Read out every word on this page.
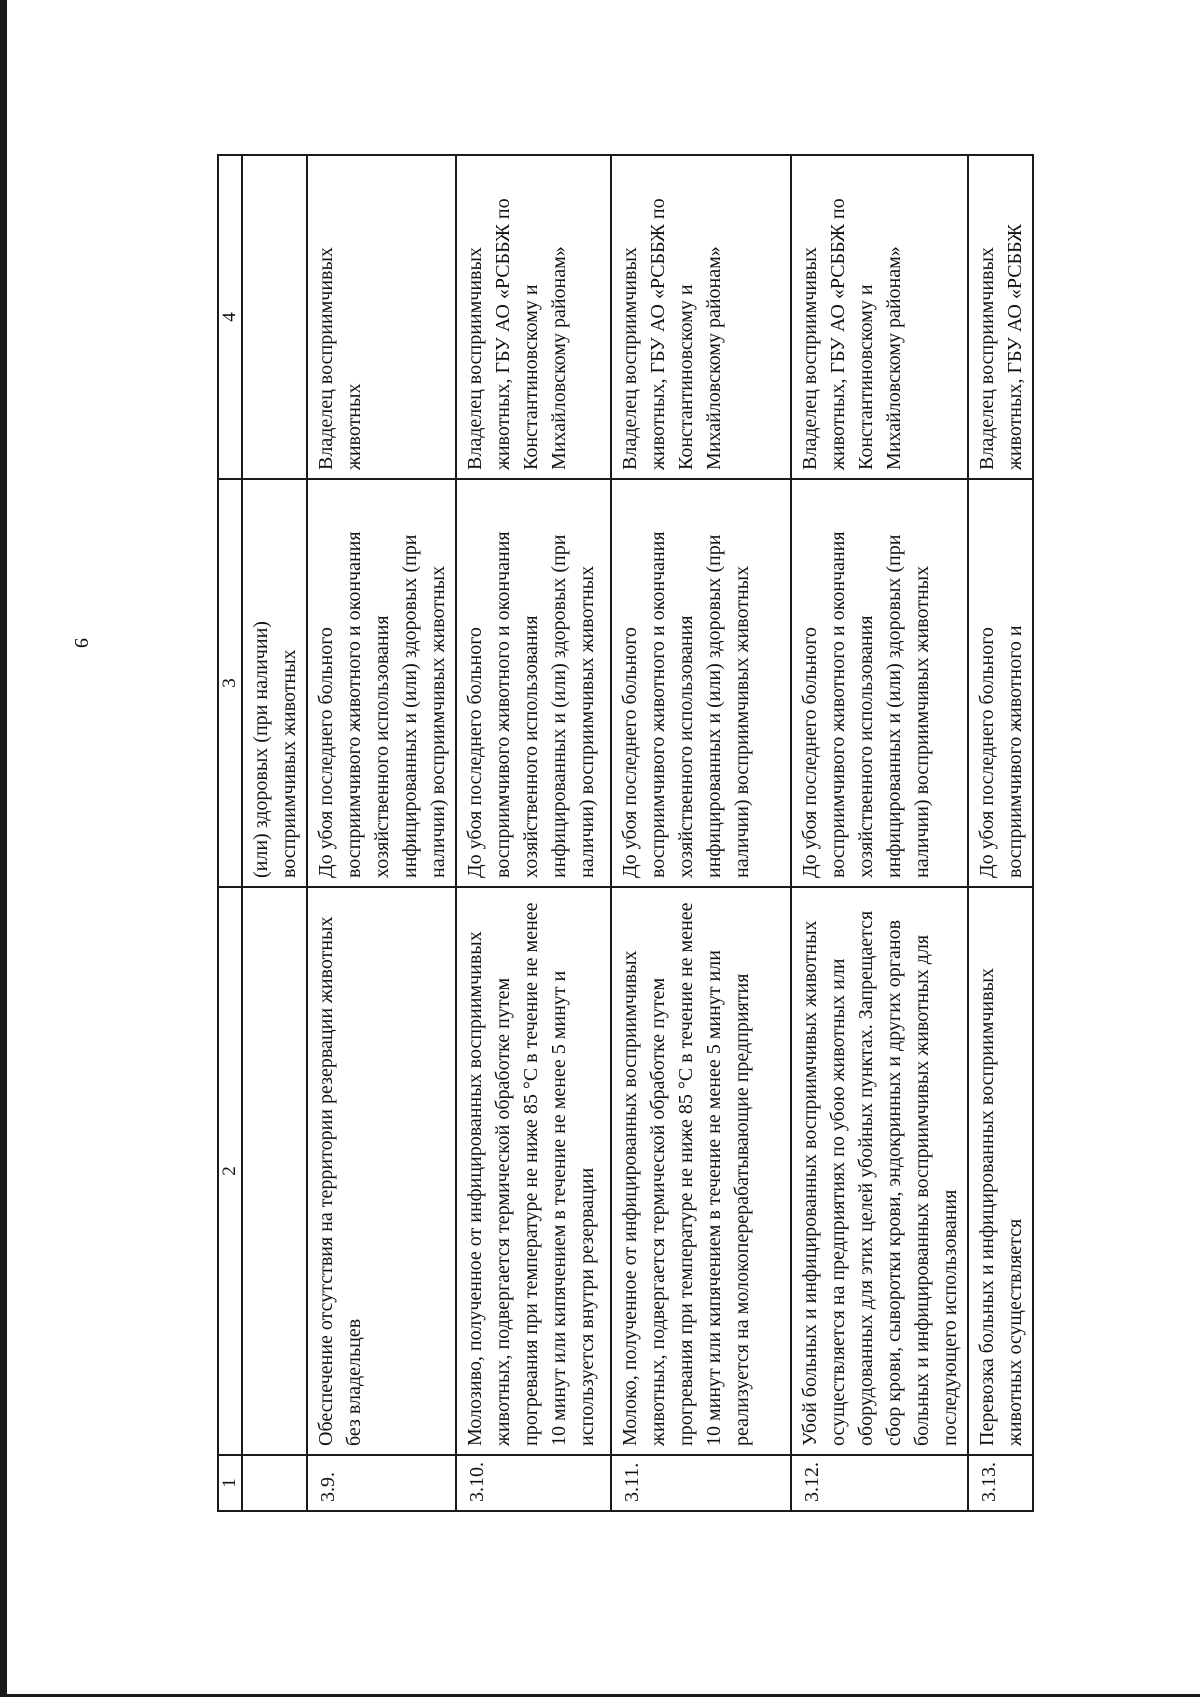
9
1	2	3	4
		(или) здоровых (при наличии) восприимчивых животных	
3.9.	Обеспечение отсутствия на территории резервации животных без владельцев	До убоя последнего больного восприимчивого животного и окончания хозяйственного использования инфицированных и (или) здоровых (при наличии) восприимчивых животных	Владелец восприимчивых животных
3.10.	Молозиво, полученное от инфицированных восприимчивых животных, подвергается термической обработке путем прогревания при температуре не ниже 85 °С в течение не менее 10 минут или кипячением в течение не менее 5 минут и используется внутри резервации	До убоя последнего больного восприимчивого животного и окончания хозяйственного использования инфицированных и (или) здоровых (при наличии) восприимчивых животных	Владелец восприимчивых животных, ГБУ АО «РСББЖ по Константиновскому и Михайловскому районам»
3.11.	Молоко, полученное от инфицированных восприимчивых животных, подвергается термической обработке путем прогревания при температуре не ниже 85 °С в течение не менее 10 минут или кипячением в течение не менее 5 минут или реализуется на молокоперерабатывающие предприятия	До убоя последнего больного восприимчивого животного и окончания хозяйственного использования инфицированных и (или) здоровых (при наличии) восприимчивых животных	Владелец восприимчивых животных, ГБУ АО «РСББЖ по Константиновскому и Михайловскому районам»
3.12.	Убой больных и инфицированных восприимчивых животных осуществляется на предприятиях по убою животных или оборудованных для этих целей убойных пунктах. Запрещается сбор крови, сыворотки крови, эндокринных и других органов больных и инфицированных восприимчивых животных для последующего использования	До убоя последнего больного восприимчивого животного и окончания хозяйственного использования инфицированных и (или) здоровых (при наличии) восприимчивых животных	Владелец восприимчивых животных, ГБУ АО «РСББЖ по Константиновскому и Михайловскому районам»
3.13.	Перевозка больных и инфицированных восприимчивых животных осуществляется	До убоя последнего больного восприимчивого животного и	Владелец восприимчивых животных, ГБУ АО «РСББЖ
